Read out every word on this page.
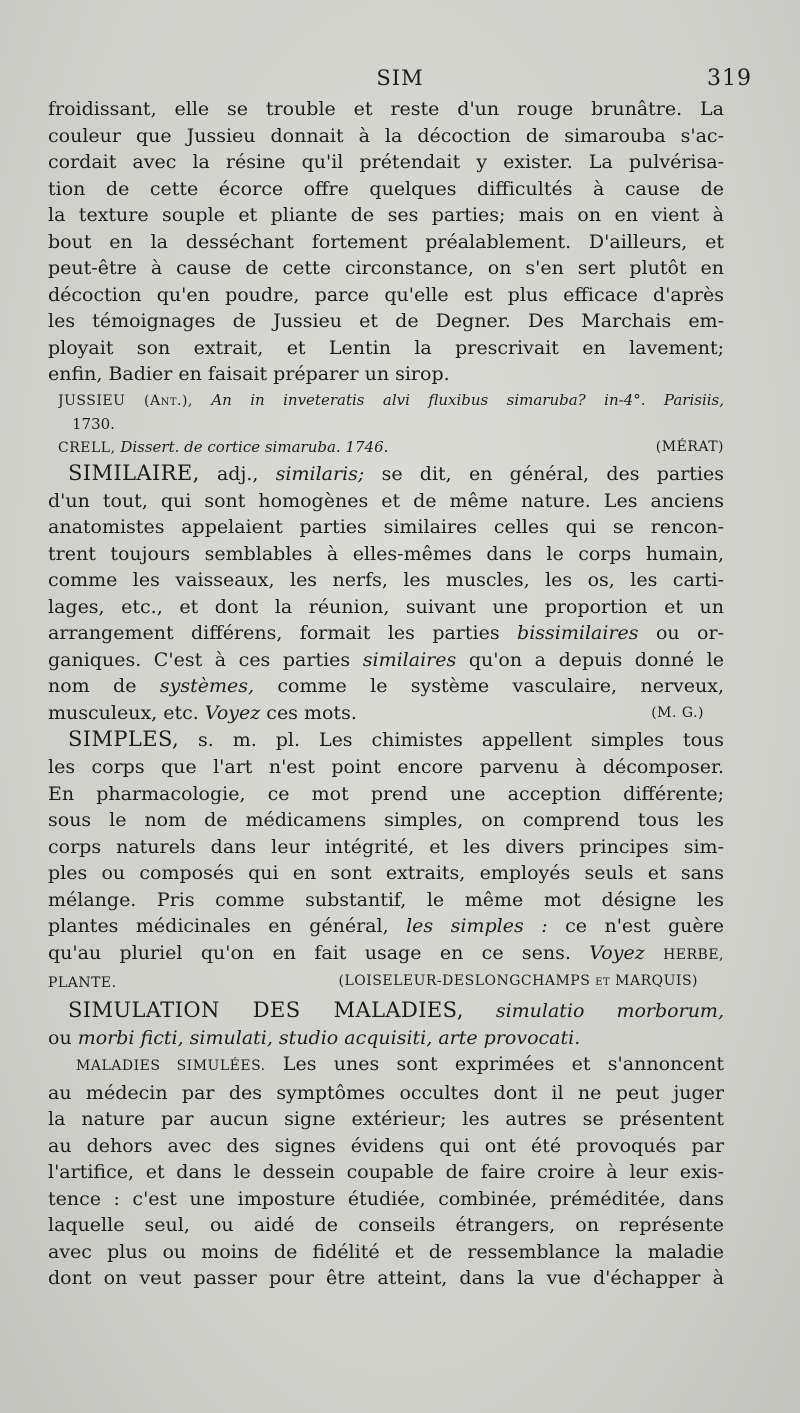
SIM	319
froidissant, elle se trouble et reste d'un rouge brunâtre. La
couleur que Jussieu donnait à la décoction de simarouba s'ac-
cordait avec la résine qu'il prétendait y exister. La pulvérisa-
tion de cette écorce offre quelques difficultés à cause de
la texture souple et pliante de ses parties; mais on en vient à
bout en la desséchant fortement préalablement. D'ailleurs, et
peut-être à cause de cette circonstance, on s'en sert plutôt en
décoction qu'en poudre, parce qu'elle est plus efficace d'après
les témoignages de Jussieu et de Degner. Des Marchais em-
ployait son extrait, et Lentin la prescrivait en lavement;
enfin, Badier en faisait préparer un sirop.
JUSSIEU (Ant.), An in inveteratis alvi fluxibus simaruba? in-4°. Parisiis,
1730.
CRELL, Dissert. de cortice simaruba. 1746.	(MÉRAT)
SIMILAIRE, adj., similaris; se dit, en général, des parties
d'un tout, qui sont homogènes et de même nature. Les anciens
anatomistes appelaient parties similaires celles qui se rencon-
trent toujours semblables à elles-mêmes dans le corps humain,
comme les vaisseaux, les nerfs, les muscles, les os, les carti-
lages, etc., et dont la réunion, suivant une proportion et un
arrangement différens, formait les parties bissimilaires ou or-
ganiques. C'est à ces parties similaires qu'on a depuis donné le
nom de systèmes, comme le système vasculaire, nerveux,
musculeux, etc. Voyez ces mots.	(M. G.)
SIMPLES, s. m. pl. Les chimistes appellent simples tous
les corps que l'art n'est point encore parvenu à décomposer.
En pharmacologie, ce mot prend une acception différente;
sous le nom de médicamens simples, on comprend tous les
corps naturels dans leur intégrité, et les divers principes sim-
ples ou composés qui en sont extraits, employés seuls et sans
mélange. Pris comme substantif, le même mot désigne les
plantes médicinales en général, les simples : ce n'est guère
qu'au pluriel qu'on en fait usage en ce sens. Voyez HERBE,
PLANTE.	(LOISELEUR-DESLONGCHAMPS et MARQUIS)
SIMULATION DES MALADIES, simulatio morborum,
ou morbi ficti, simulati, studio acquisiti, arte provocati.
MALADIES SIMULÉES. Les unes sont exprimées et s'annoncent
au médecin par des symptômes occultes dont il ne peut juger
la nature par aucun signe extérieur; les autres se présentent
au dehors avec des signes évidens qui ont été provoqués par
l'artifice, et dans le dessein coupable de faire croire à leur exis-
tence : c'est une imposture étudiée, combinée, préméditée, dans
laquelle seul, ou aidé de conseils étrangers, on représente
avec plus ou moins de fidélité et de ressemblance la maladie
dont on veut passer pour être atteint, dans la vue d'échapper à
